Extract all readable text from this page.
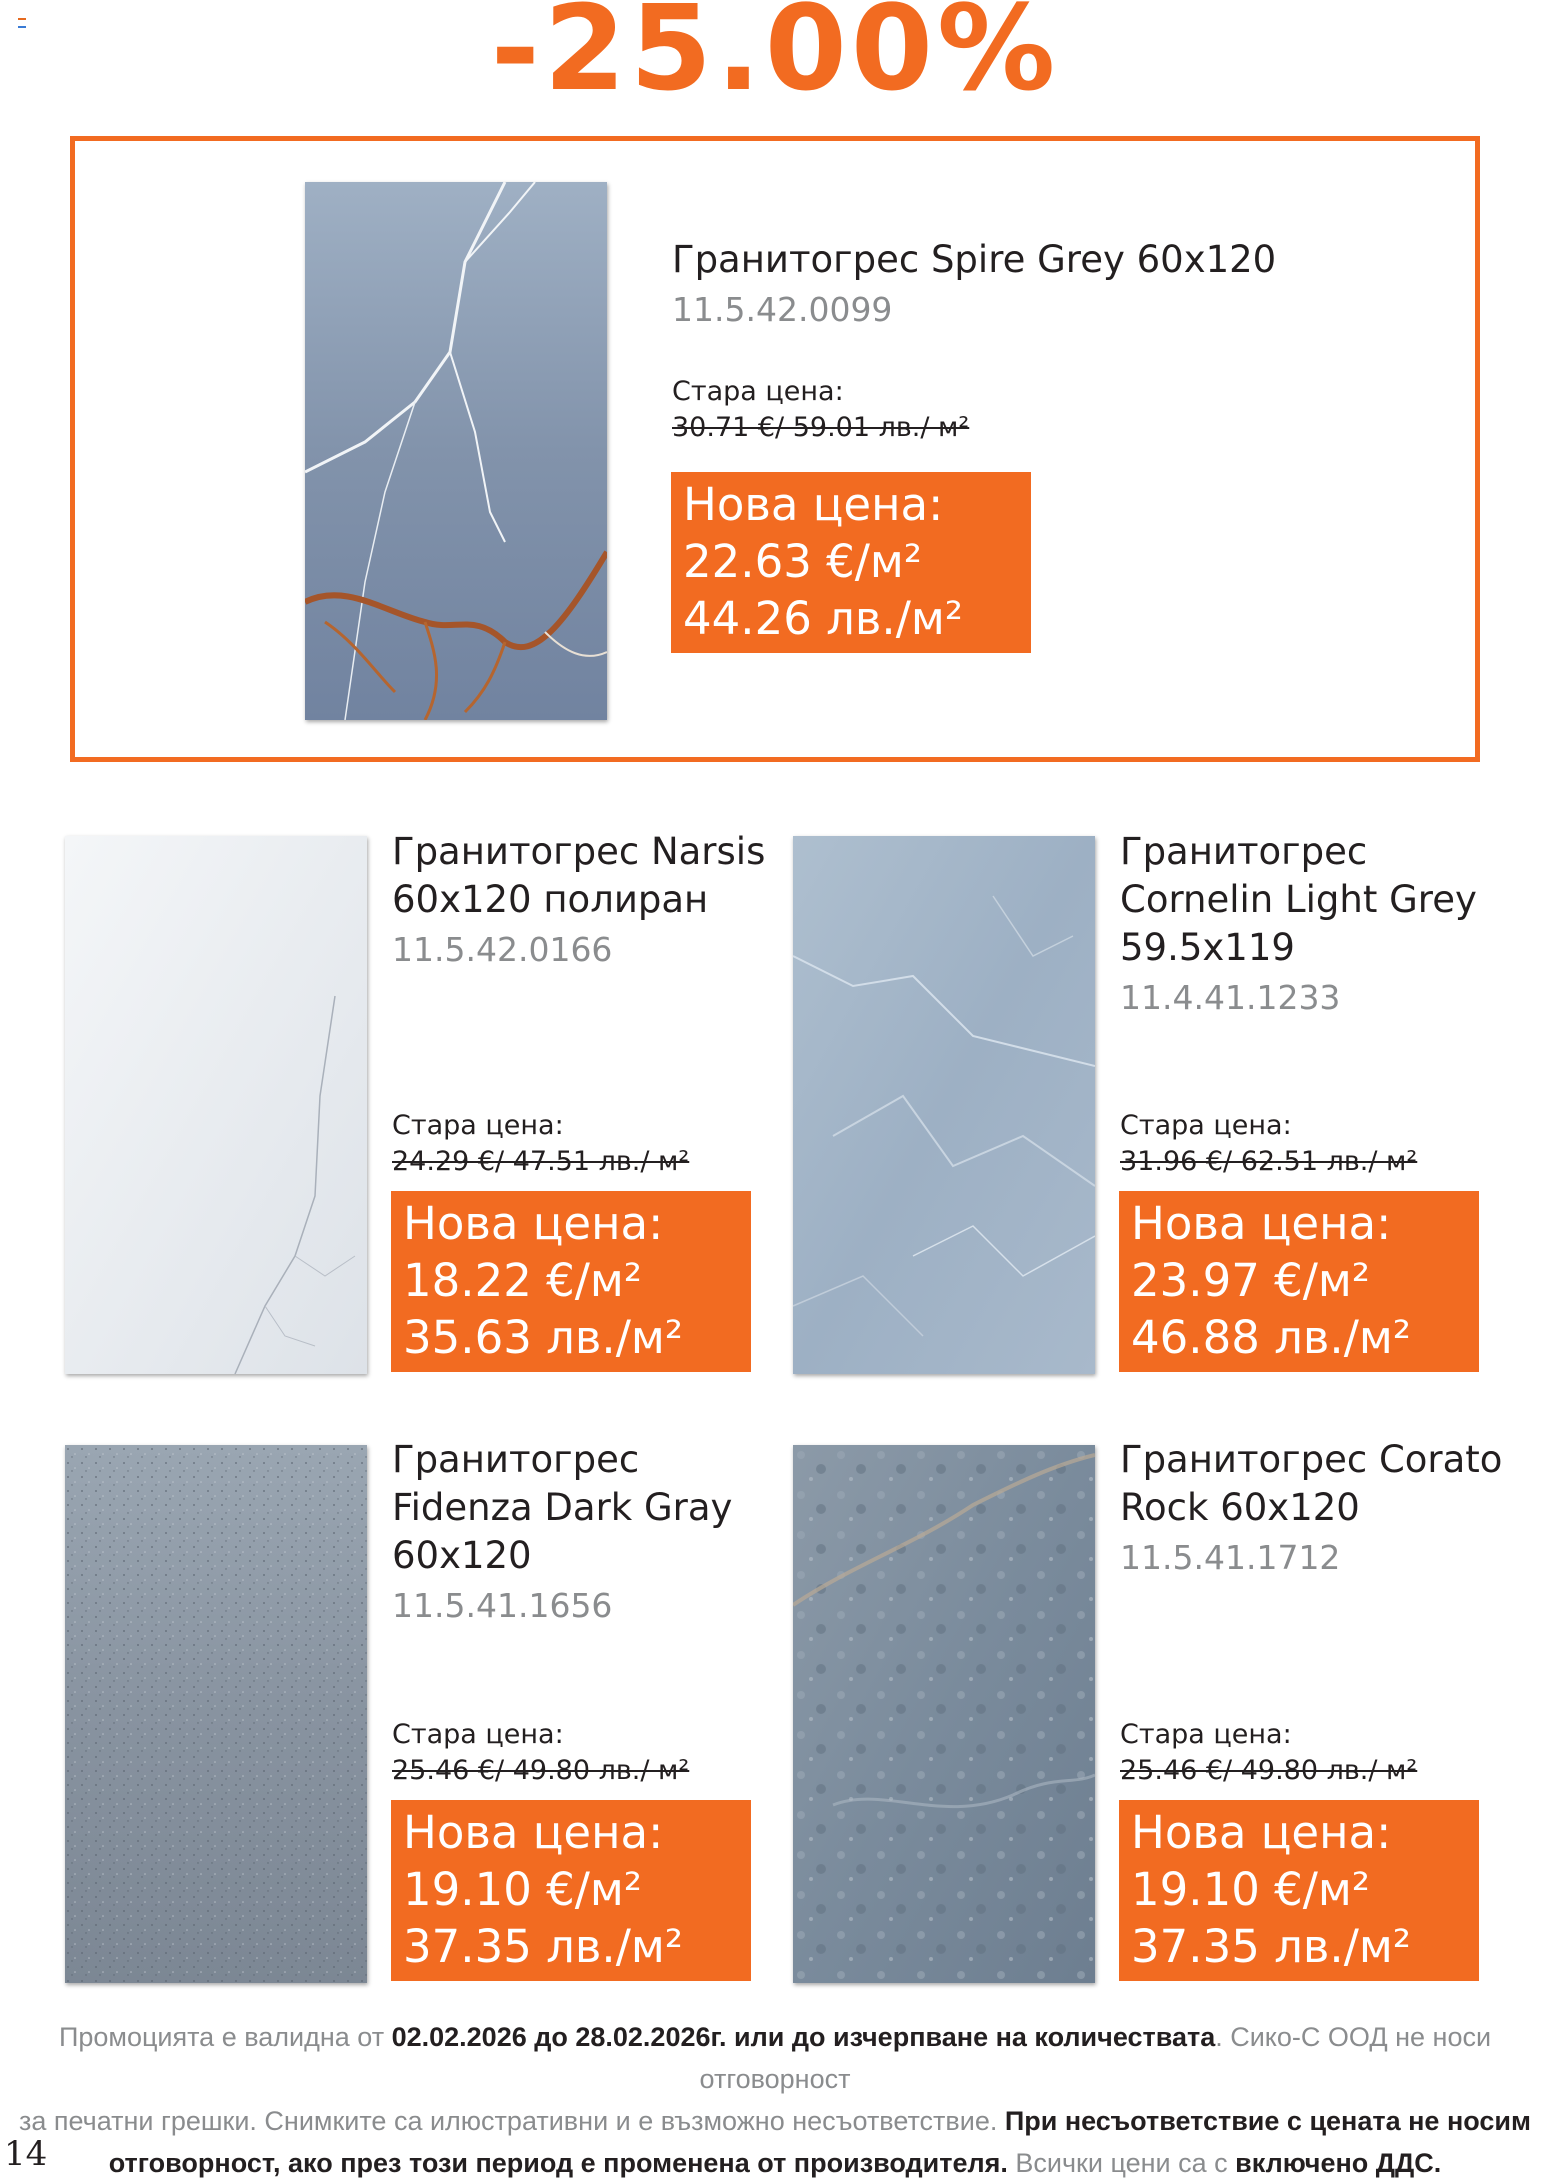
-25.00%
Гранитогрес Spire Grey 60x120
11.5.42.0099
Стара цена:
30.71 €/ 59.01 лв./ м²
Нова цена:
22.63 €/м²
44.26 лв./м²
Гранитогрес Narsis
60x120 полиран
11.5.42.0166
Стара цена:
24.29 €/ 47.51 лв./ м²
Нова цена:
18.22 €/м²
35.63 лв./м²
Гранитогрес
Cornelin Light Grey
59.5x119
11.4.41.1233
Стара цена:
31.96 €/ 62.51 лв./ м²
Нова цена:
23.97 €/м²
46.88 лв./м²
Гранитогрес
Fidenza Dark Gray
60x120
11.5.41.1656
Стара цена:
25.46 €/ 49.80 лв./ м²
Нова цена:
19.10 €/м²
37.35 лв./м²
Гранитогрес Corato
Rock 60x120
11.5.41.1712
Стара цена:
25.46 €/ 49.80 лв./ м²
Нова цена:
19.10 €/м²
37.35 лв./м²
Промоцията е валидна от 02.02.2026 до 28.02.2026г. или до изчерпване на количествата. Сико-С ООД не носи отговорност
за печатни грешки. Снимките са илюстративни и е възможно несъответствие. При несъответствие с цената не носим
отговорност, ако през този период е променена от производителя. Всички цени са с включено ДДС.
14
